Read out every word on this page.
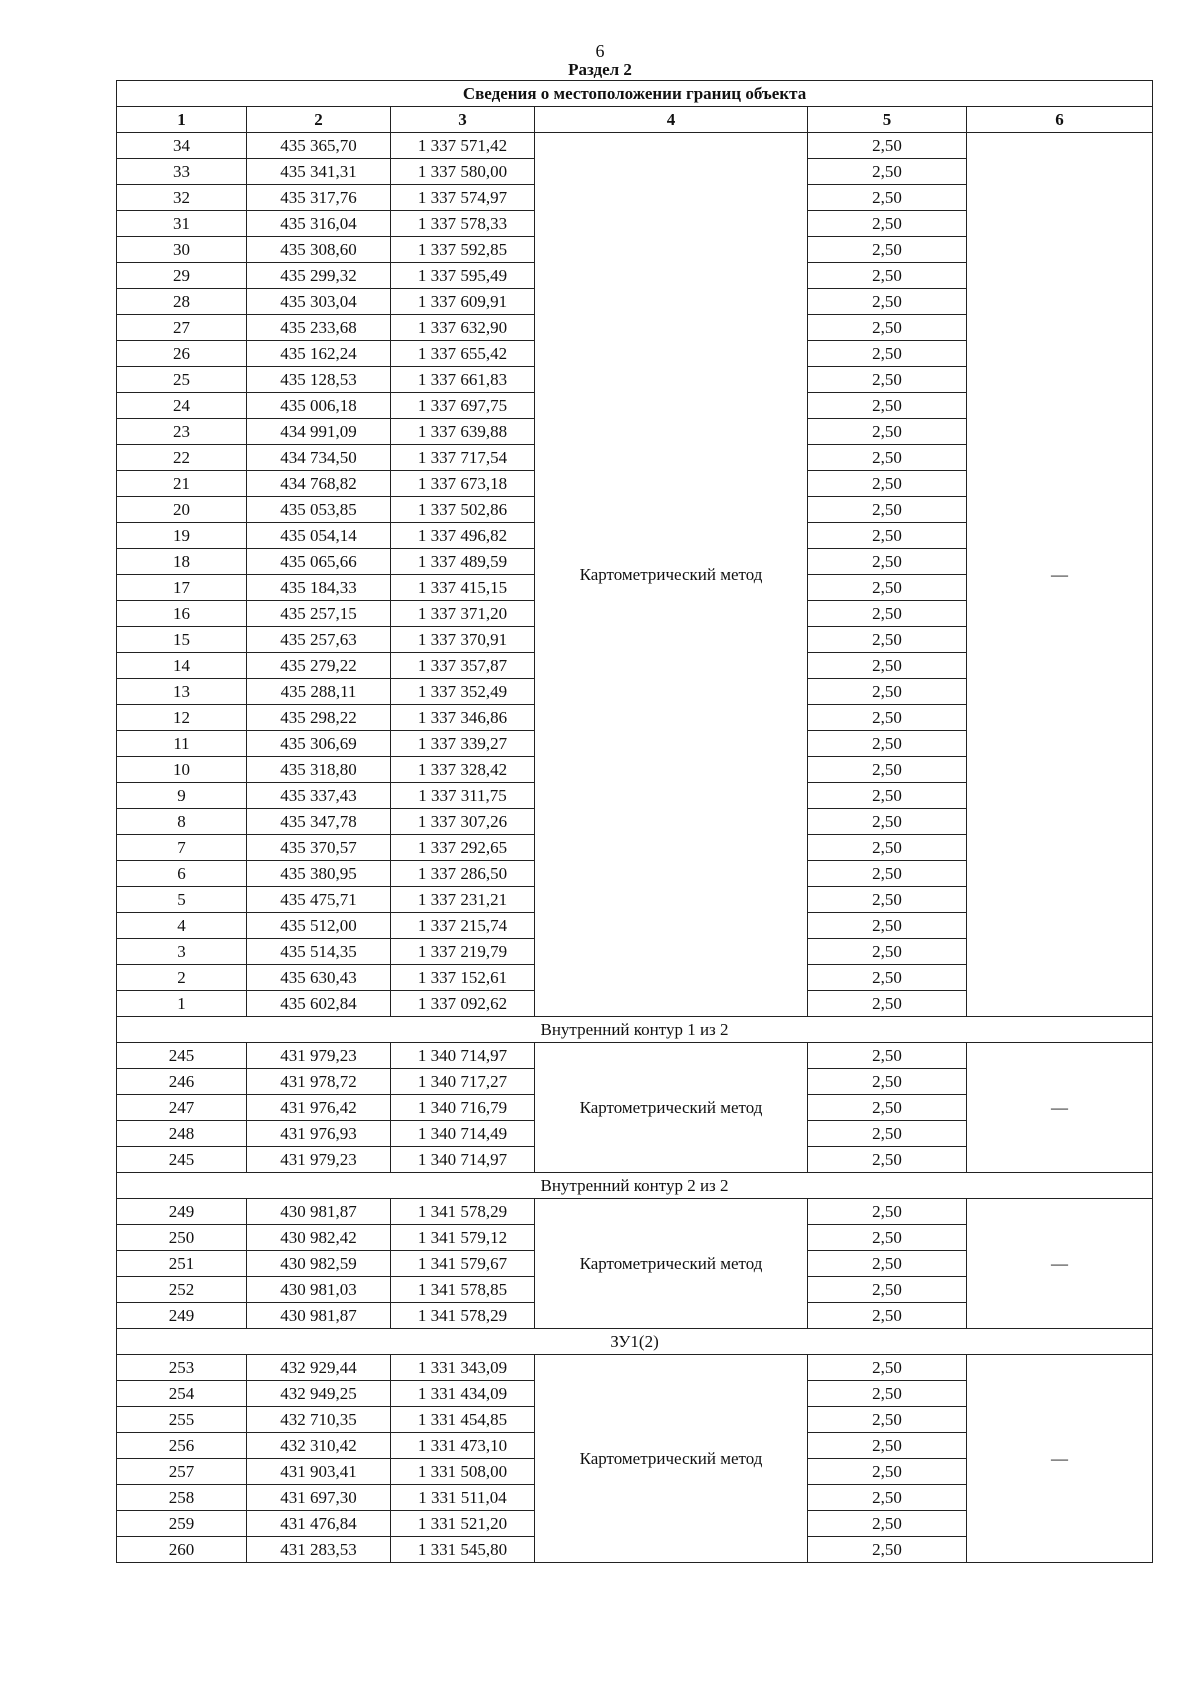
6
Раздел 2
Сведения о местоположении границ объекта					
1	2	3	4	5	6
34	435 365,70	1 337 571,42	Картометрический метод	2,50	—
33	435 341,31	1 337 580,00		2,50	
32	435 317,76	1 337 574,97		2,50	
31	435 316,04	1 337 578,33		2,50	
30	435 308,60	1 337 592,85		2,50	
29	435 299,32	1 337 595,49		2,50	
28	435 303,04	1 337 609,91		2,50	
27	435 233,68	1 337 632,90		2,50	
26	435 162,24	1 337 655,42		2,50	
25	435 128,53	1 337 661,83		2,50	
24	435 006,18	1 337 697,75		2,50	
23	434 991,09	1 337 639,88		2,50	
22	434 734,50	1 337 717,54		2,50	
21	434 768,82	1 337 673,18		2,50	
20	435 053,85	1 337 502,86		2,50	
19	435 054,14	1 337 496,82		2,50	
18	435 065,66	1 337 489,59		2,50	
17	435 184,33	1 337 415,15		2,50	
16	435 257,15	1 337 371,20		2,50	
15	435 257,63	1 337 370,91		2,50	
14	435 279,22	1 337 357,87		2,50	
13	435 288,11	1 337 352,49		2,50	
12	435 298,22	1 337 346,86		2,50	
11	435 306,69	1 337 339,27		2,50	
10	435 318,80	1 337 328,42		2,50	
9	435 337,43	1 337 311,75		2,50	
8	435 347,78	1 337 307,26		2,50	
7	435 370,57	1 337 292,65		2,50	
6	435 380,95	1 337 286,50		2,50	
5	435 475,71	1 337 231,21		2,50	
4	435 512,00	1 337 215,74		2,50	
3	435 514,35	1 337 219,79		2,50	
2	435 630,43	1 337 152,61		2,50	
1	435 602,84	1 337 092,62		2,50	
Внутренний контур 1 из 2					
245	431 979,23	1 340 714,97	Картометрический метод	2,50	—
246	431 978,72	1 340 717,27		2,50	
247	431 976,42	1 340 716,79		2,50	
248	431 976,93	1 340 714,49		2,50	
245	431 979,23	1 340 714,97		2,50	
Внутренний контур 2 из 2					
249	430 981,87	1 341 578,29	Картометрический метод	2,50	—
250	430 982,42	1 341 579,12		2,50	
251	430 982,59	1 341 579,67		2,50	
252	430 981,03	1 341 578,85		2,50	
249	430 981,87	1 341 578,29		2,50	
ЗУ1(2)					
253	432 929,44	1 331 343,09	Картометрический метод	2,50	—
254	432 949,25	1 331 434,09		2,50	
255	432 710,35	1 331 454,85		2,50	
256	432 310,42	1 331 473,10		2,50	
257	431 903,41	1 331 508,00		2,50	
258	431 697,30	1 331 511,04		2,50	
259	431 476,84	1 331 521,20		2,50	
260	431 283,53	1 331 545,80		2,50	
